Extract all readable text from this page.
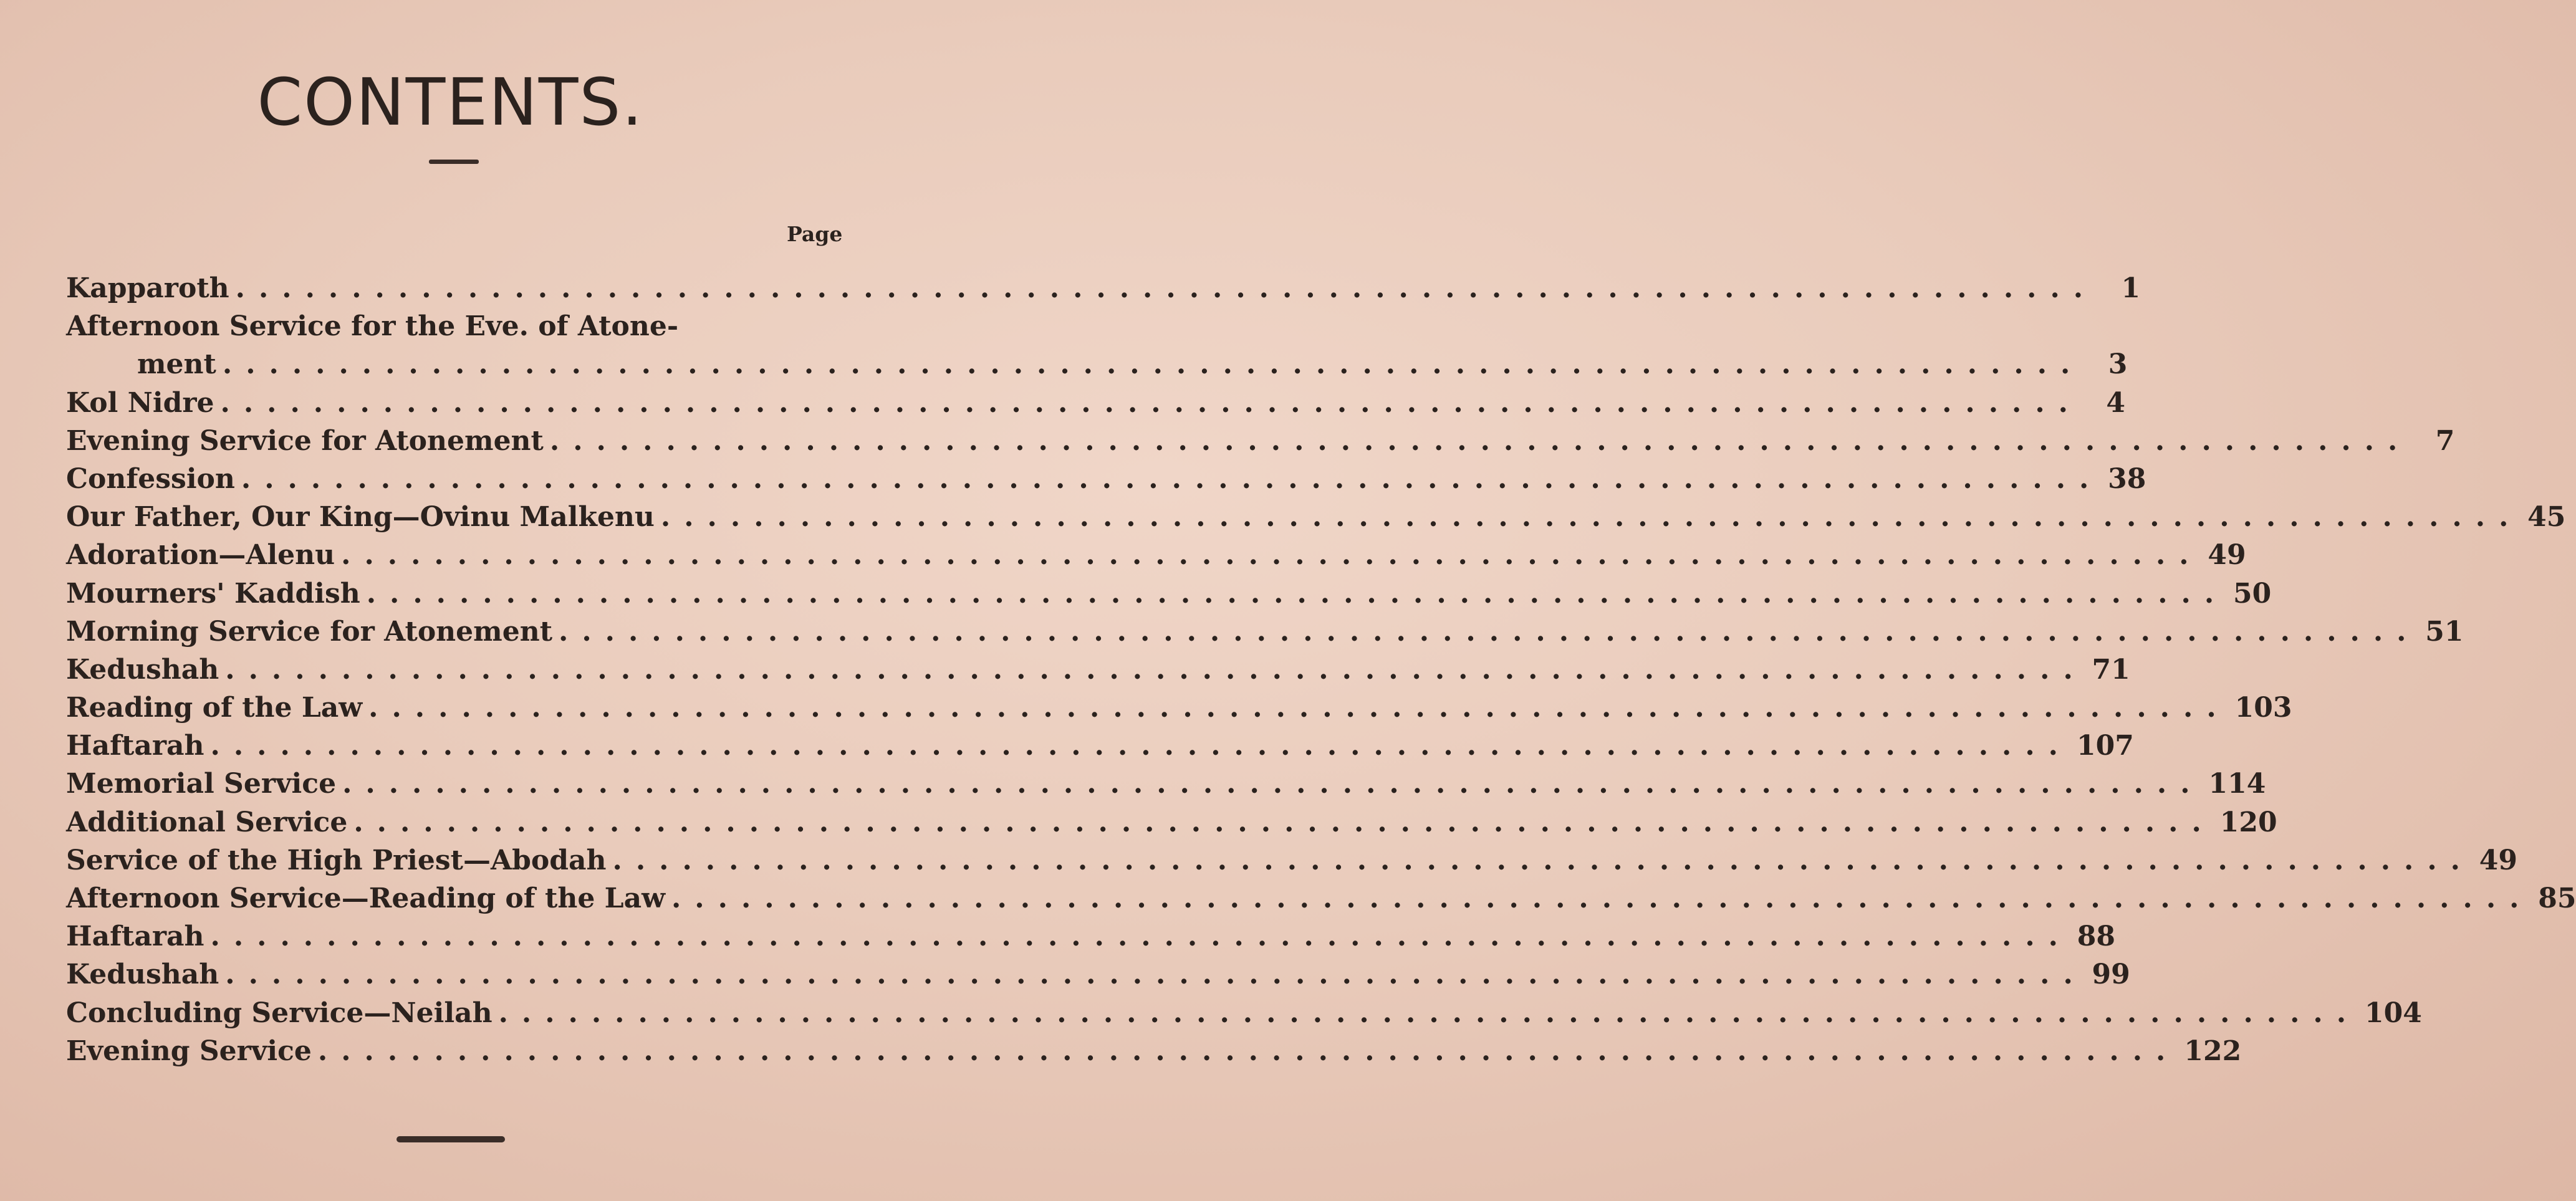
CONTENTS.
Page
Kapparoth ................................................................................ 1
Afternoon Service for the Eve. of Atone-
ment ................................................................................ 3
Kol Nidre ................................................................................ 4
Evening Service for Atonement ................................................................................ 7
Confession ................................................................................ 38
Our Father, Our King—Ovinu Malkenu ................................................................................ 45
Adoration—Alenu ................................................................................ 49
Mourners' Kaddish ................................................................................ 50
Morning Service for Atonement ................................................................................ 51
Kedushah ................................................................................ 71
Reading of the Law ................................................................................ 103
Haftarah ................................................................................ 107
Memorial Service ................................................................................ 114
Additional Service ................................................................................ 120
Service of the High Priest—Abodah ................................................................................ 49
Afternoon Service—Reading of the Law ................................................................................ 85
Haftarah ................................................................................ 88
Kedushah ................................................................................ 99
Concluding Service—Neilah ................................................................................ 104
Evening Service ................................................................................ 122
